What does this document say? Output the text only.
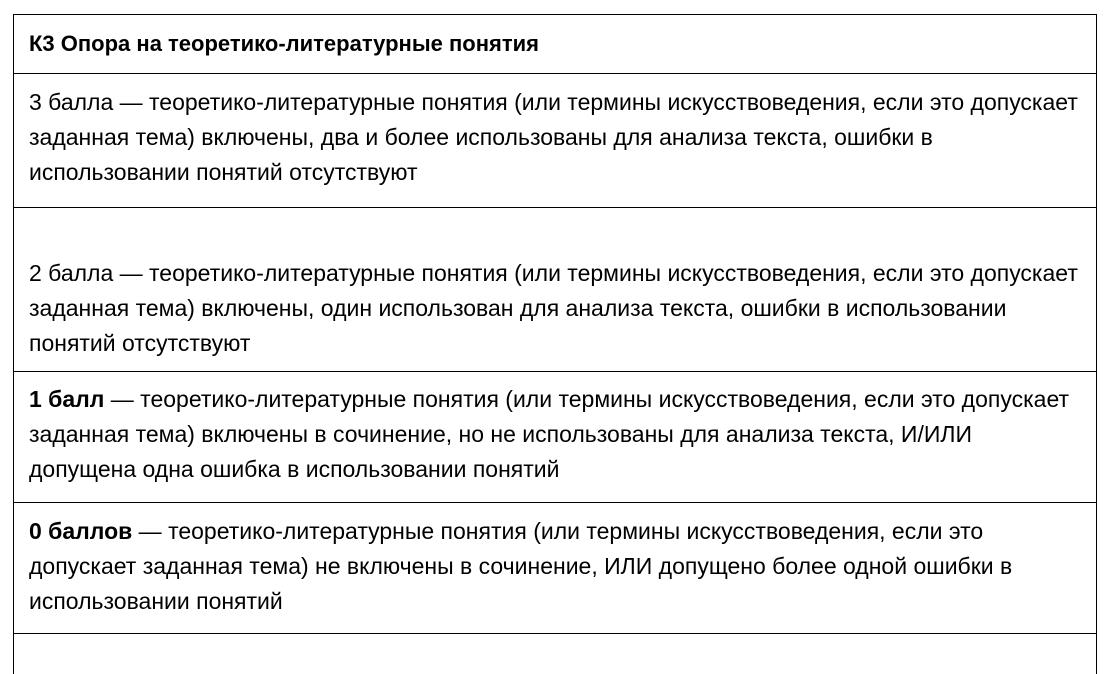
К3 Опора на теоретико-литературные понятия
3 балла — теоретико-литературные понятия (или термины искусствоведения, если это допускает заданная тема) включены, два и более использованы для анализа текста, ошибки в использовании понятий отсутствуют
2 балла — теоретико-литературные понятия (или термины искусствоведения, если это допускает заданная тема) включены, один использован для анализа текста, ошибки в использовании понятий отсутствуют
1 балл — теоретико-литературные понятия (или термины искусствоведения, если это допускает заданная тема) включены в сочинение, но не использованы для анализа текста, И/ИЛИ допущена одна ошибка в использовании понятий
0 баллов — теоретико-литературные понятия (или термины искусствоведения, если это допускает заданная тема) не включены в сочинение, ИЛИ допущено более одной ошибки в использовании понятий
